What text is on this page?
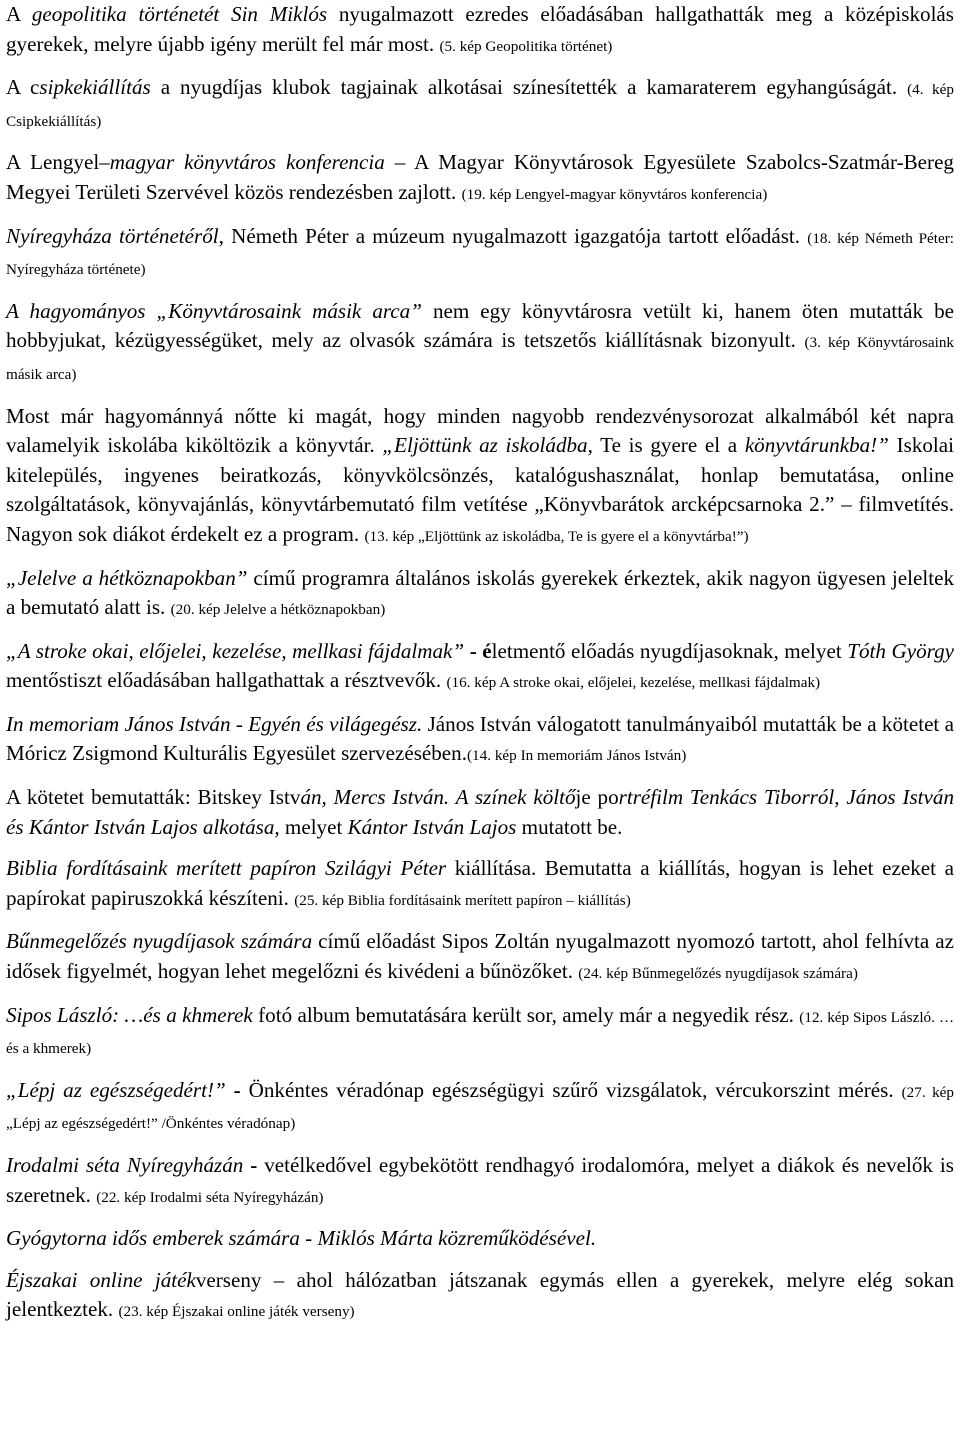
A geopolitika történetét Sin Miklós nyugalmazott ezredes előadásában hallgathatták meg a középiskolás gyerekek, melyre újabb igény merült fel már most. (5. kép Geopolitika történet)

A csipkekiállítás a nyugdíjas klubok tagjainak alkotásai színesítették a kamaraterem egyhangúságát. (4. kép Csipkekiállítás)

A Lengyel–magyar könyvtáros konferencia – A Magyar Könyvtárosok Egyesülete Szabolcs-Szatmár-Bereg Megyei Területi Szervével közös rendezésben zajlott. (19. kép Lengyel-magyar könyvtáros konferencia)

Nyíregyháza történetéről, Németh Péter a múzeum nyugalmazott igazgatója tartott előadást. (18. kép Németh Péter: Nyíregyháza története)

A hagyományos „Könyvtárosaink másik arca” nem egy könyvtárosra vetült ki, hanem öten mutatták be hobbyjukat, kézügyességüket, mely az olvasók számára is tetszetős kiállításnak bizonyult. (3. kép Könyvtárosaink másik arca)

Most már hagyománnyá nőtte ki magát, hogy minden nagyobb rendezvénysorozat alkalmából két napra valamelyik iskolába kiköltözik a könyvtár. „Eljöttünk az iskoládba, Te is gyere el a könyvtárunkba!” Iskolai kitelepülés, ingyenes beiratkozás, könyvkölcsönzés, katalógushasználat, honlap bemutatása, online szolgáltatások, könyvajánlás, könyvtárbemutató film vetítése „Könyvbarátok arcképcsarnoka 2.” – filmvetítés. Nagyon sok diákot érdekelt ez a program. (13. kép „Eljöttünk az iskoládba, Te is gyere el a könyvtárba!”)

„Jelelve a hétköznapokban” című programra általános iskolás gyerekek érkeztek, akik nagyon ügyesen jeleltek a bemutató alatt is. (20. kép Jelelve a hétköznapokban)

„A stroke okai, előjelei, kezelése, mellkasi fájdalmak” - életmentő előadás nyugdíjasoknak, melyet Tóth György mentőstiszt előadásában hallgathattak a résztvevők. (16. kép A stroke okai, előjelei, kezelése, mellkasi fájdalmak)

In memoriam János István - Egyén és világegész. János István válogatott tanulmányaiból mutatták be a kötetet a Móricz Zsigmond Kulturális Egyesület szervezésében.(14. kép In memoriám János István)

A kötetet bemutatták: Bitskey István, Mercs István. A színek költője portréfilm Tenkács Tiborról, János István és Kántor István Lajos alkotása, melyet Kántor István Lajos mutatott be.

Biblia fordításaink merített papíron Szilágyi Péter kiállítása. Bemutatta a kiállítás, hogyan is lehet ezeket a papírokat papiruszokká készíteni. (25. kép Biblia fordításaink merített papíron – kiállítás)

Bűnmegelőzés nyugdíjasok számára című előadást Sipos Zoltán nyugalmazott nyomozó tartott, ahol felhívta az idősek figyelmét, hogyan lehet megelőzni és kivédeni a bűnözőket. (24. kép Bűnmegelőzés nyugdíjasok számára)

Sipos László: …és a khmerek fotó album bemutatására került sor, amely már a negyedik rész. (12. kép Sipos László. …és a khmerek)

„Lépj az egészségedért!” - Önkéntes véradónap egészségügyi szűrő vizsgálatok, vércukorszint mérés. (27. kép „Lépj az egészségedért!” /Önkéntes véradónap)

Irodalmi séta Nyíregyházán - vetélkedővel egybekötött rendhagyó irodalomóra, melyet a diákok és nevelők is szeretnek. (22. kép Irodalmi séta Nyíregyházán)

Gyógytorna idős emberek számára - Miklós Márta közreműködésével.

Éjszakai online játékverseny – ahol hálózatban játszanak egymás ellen a gyerekek, melyre elég sokan jelentkeztek. (23. kép Éjszakai online játék verseny)
